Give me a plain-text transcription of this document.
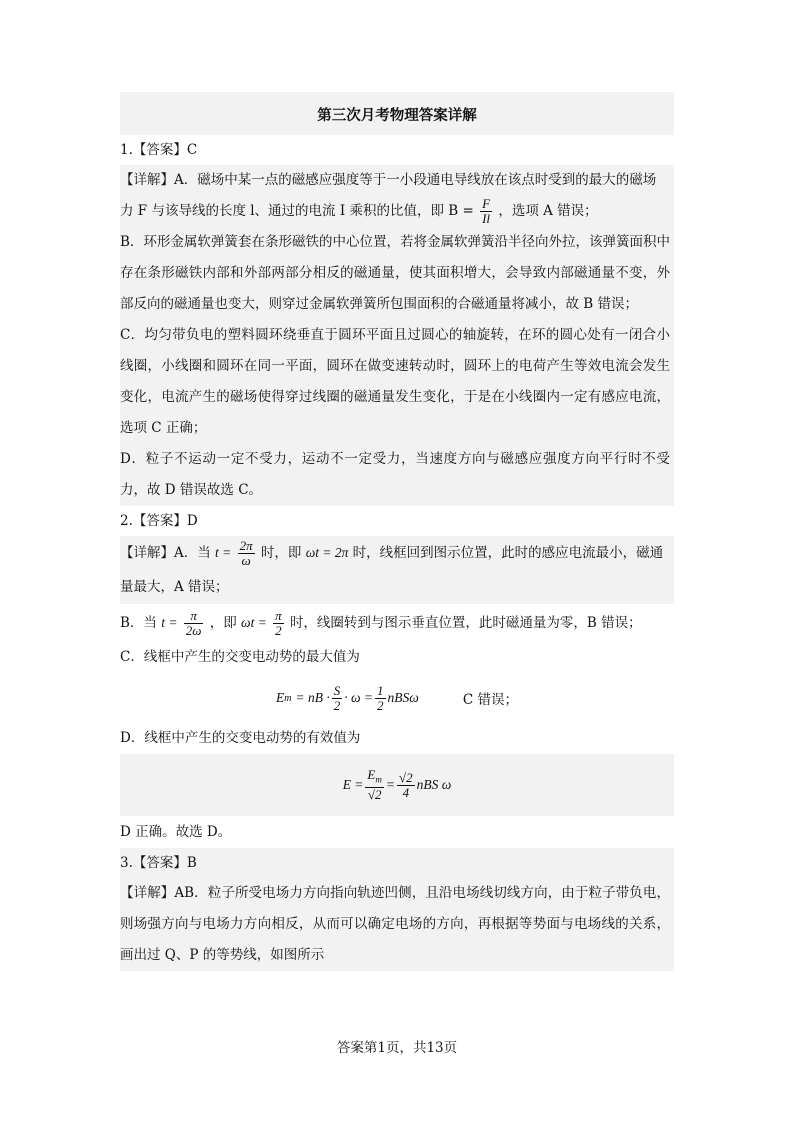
第三次月考物理答案详解
1.【答案】C
【详解】A．磁场中某一点的磁感应强度等于一小段通电导线放在该点时受到的最大的磁场
力 F 与该导线的长度 l、通过的电流 I 乘积的比值，即 $B = \frac{F}{Il}$ ，选项 A 错误；
B．环形金属软弹簧套在条形磁铁的中心位置，若将金属软弹簧沿半径向外拉，该弹簧面积中存在条形磁铁内部和外部两部分相反的磁通量，使其面积增大，会导致内部磁通量不变，外部反向的磁通量也变大，则穿过金属软弹簧所包围面积的合磁通量将减小，故 B 错误；
C．均匀带负电的塑料圆环绕垂直于圆环平面且过圆心的轴旋转，在环的圆心处有一闭合小线圈，小线圈和圆环在同一平面，圆环在做变速转动时，圆环上的电荷产生等效电流会发生变化，电流产生的磁场使得穿过线圈的磁通量发生变化，于是在小线圈内一定有感应电流，选项 C 正确；
D．粒子不运动一定不受力，运动不一定受力，当速度方向与磁感应强度方向平行时不受力，故 D 错误故选 C。
2.【答案】D
【详解】A．当 $t = \frac{2\pi}{\omega}$ 时，即 ωt = 2π 时，线框回到图示位置，此时的感应电流最小，磁通
量最大，A 错误；
B．当 $t = \frac{\pi}{2\omega}$ ，即 $\omega t = \frac{\pi}{2}$ 时，线圈转到与图示垂直位置，此时磁通量为零，B 错误；
C．线框中产生的交变电动势的最大值为
E m = nB · $\frac{S}{2} \cdot \omega = \frac{1}{2}$ nBSω	C 错误；
D．线框中产生的交变电动势的有效值为
$E = \frac{E_m}{√2} = \frac{√2}{4}$ nBS ω
D 正确。故选 D。
3.【答案】B
【详解】AB．粒子所受电场力方向指向轨迹凹侧，且沿电场线切线方向，由于粒子带负电，则场强方向与电场力方向相反，从而可以确定电场的方向，再根据等势面与电场线的关系，画出过 Q、P 的等势线，如图所示
答案第1页，共13页
